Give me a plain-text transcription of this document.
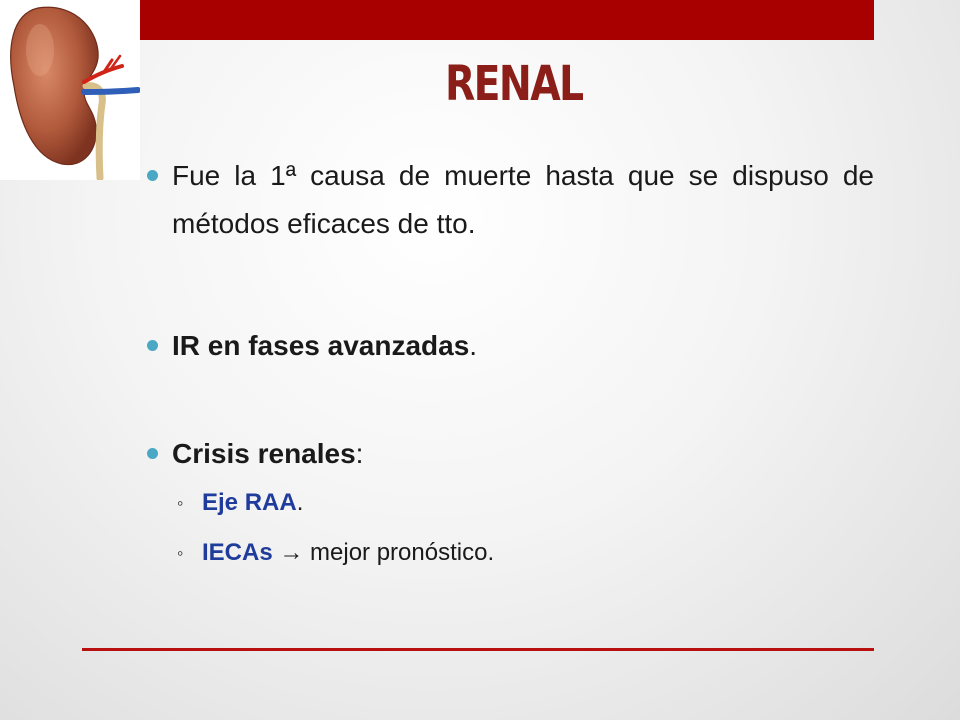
RENAL
Fue la 1ª causa de muerte hasta que se dispuso de métodos eficaces de tto.
IR en fases avanzadas.
Crisis renales:
◦ Eje RAA.
◦ IECAs → mejor pronóstico.
